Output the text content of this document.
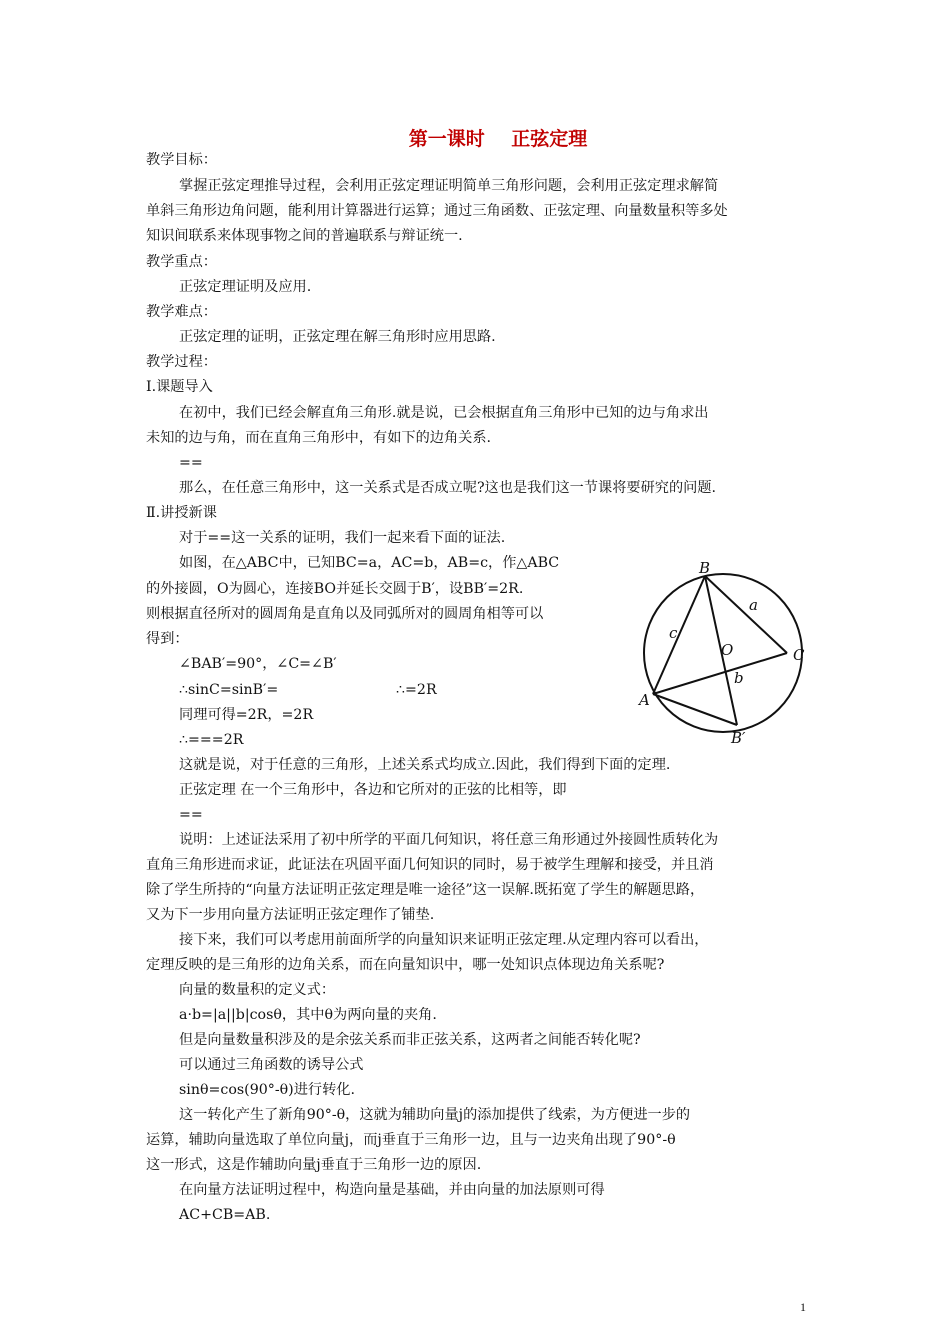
第一课时    正弦定理
教学目标：
掌握正弦定理推导过程，会利用正弦定理证明简单三角形问题，会利用正弦定理求解简
单斜三角形边角问题，能利用计算器进行运算；通过三角函数、正弦定理、向量数量积等多处
知识间联系来体现事物之间的普遍联系与辩证统一.
教学重点：
正弦定理证明及应用.
教学难点：
正弦定理的证明，正弦定理在解三角形时应用思路.
教学过程：
Ⅰ.课题导入
在初中，我们已经会解直角三角形.就是说，已会根据直角三角形中已知的边与角求出
未知的边与角，而在直角三角形中，有如下的边角关系.
==
那么，在任意三角形中，这一关系式是否成立呢?这也是我们这一节课将要研究的问题.
Ⅱ.讲授新课
对于==这一关系的证明，我们一起来看下面的证法.
如图，在△ABC中，已知BC=a，AC=b，AB=c，作△ABC
的外接圆，O为圆心，连接BO并延长交圆于B′，设BB′=2R.
则根据直径所对的圆周角是直角以及同弧所对的圆周角相等可以
得到：
∠BAB′=90°，∠C=∠B′
∴sinC=sinB′=	∴=2R
同理可得=2R，=2R
∴===2R
这就是说，对于任意的三角形，上述关系式均成立.因此，我们得到下面的定理.
正弦定理 在一个三角形中，各边和它所对的正弦的比相等，即
==
说明：上述证法采用了初中所学的平面几何知识，将任意三角形通过外接圆性质转化为
直角三角形进而求证，此证法在巩固平面几何知识的同时，易于被学生理解和接受，并且消
除了学生所持的“向量方法证明正弦定理是唯一途径”这一误解.既拓宽了学生的解题思路，
又为下一步用向量方法证明正弦定理作了铺垫.
接下来，我们可以考虑用前面所学的向量知识来证明正弦定理.从定理内容可以看出，
定理反映的是三角形的边角关系，而在向量知识中，哪一处知识点体现边角关系呢?
向量的数量积的定义式：
a·b=|a||b|cosθ，其中θ为两向量的夹角.
但是向量数量积涉及的是余弦关系而非正弦关系，这两者之间能否转化呢?
可以通过三角函数的诱导公式
sinθ=cos(90°-θ)进行转化.
这一转化产生了新角90°-θ，这就为辅助向量j的添加提供了线索，为方便进一步的
运算，辅助向量选取了单位向量j，而j垂直于三角形一边，且与一边夹角出现了90°-θ
这一形式，这是作辅助向量j垂直于三角形一边的原因.
在向量方法证明过程中，构造向量是基础，并由向量的加法原则可得
AC+CB=AB.
B
a
c
O	C
b
A
B′
1
